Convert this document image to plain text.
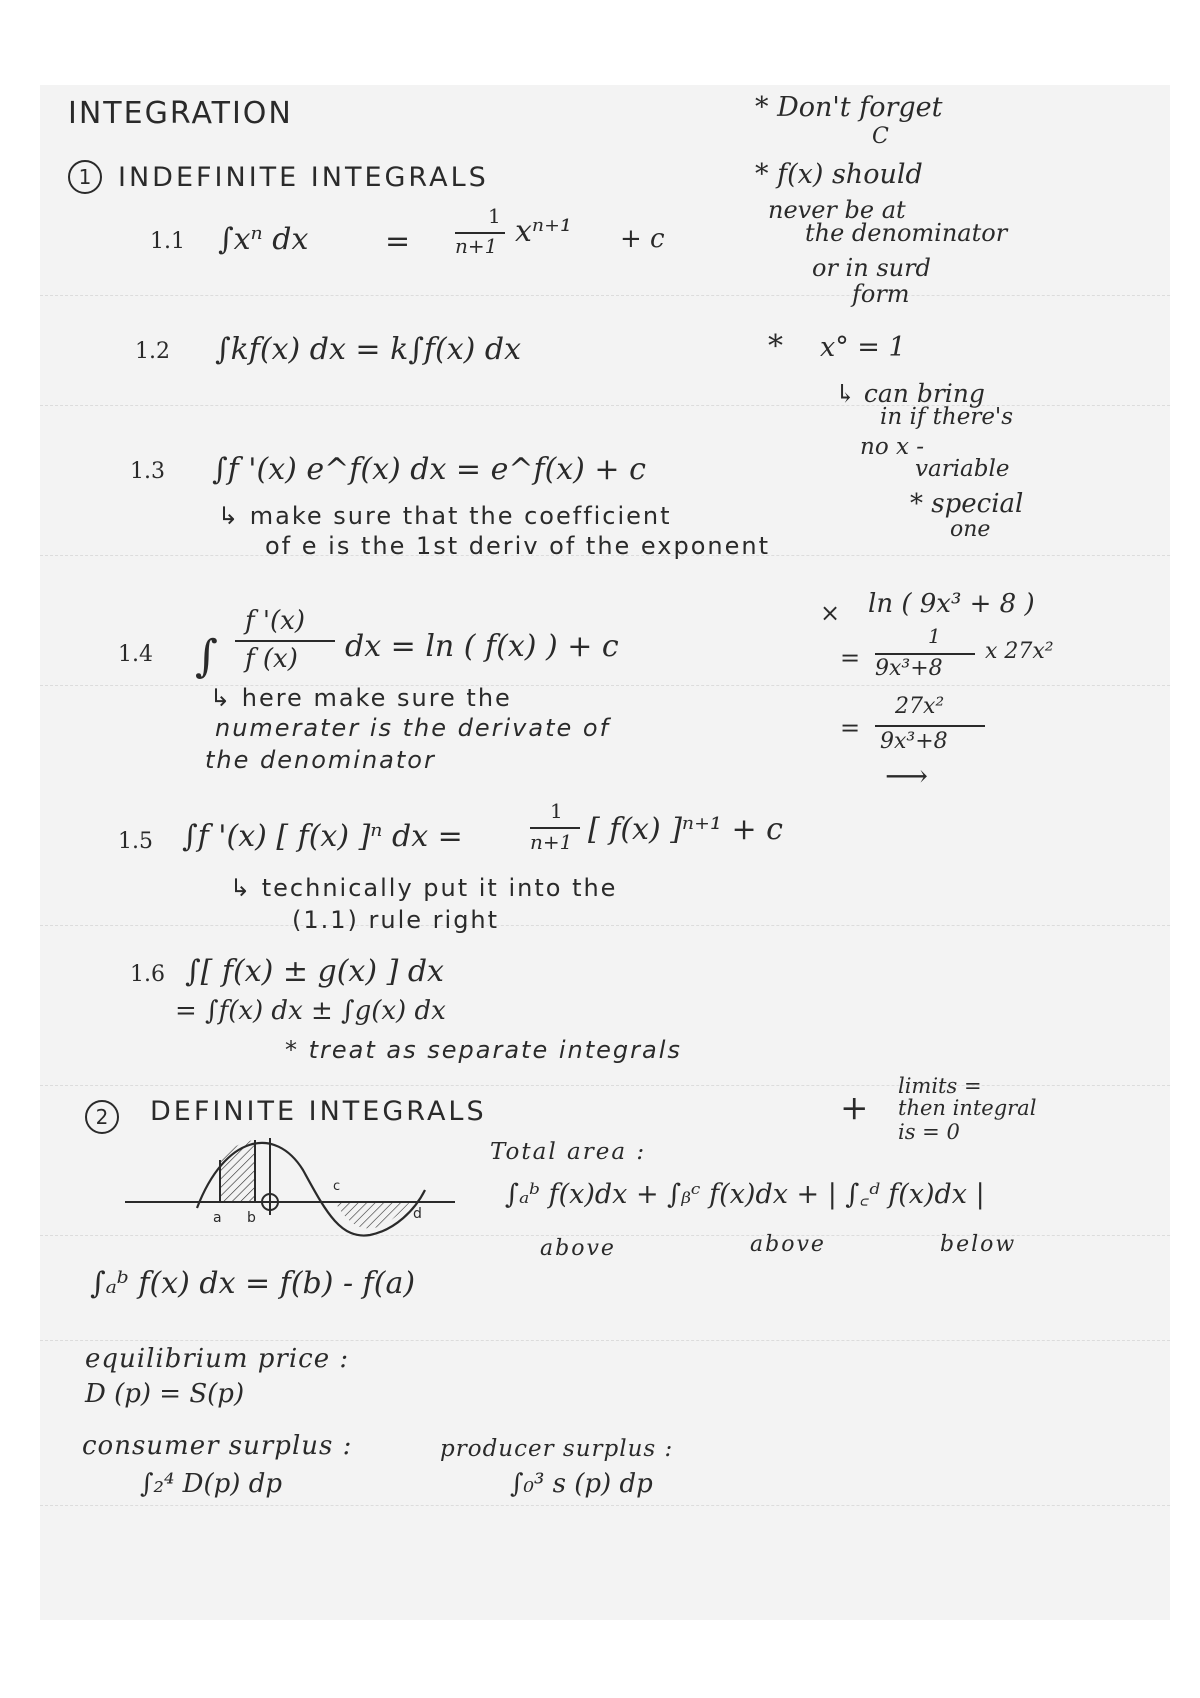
INTEGRATION
1 INDEFINITE INTEGRALS
1.1 ∫xⁿ dx	=
1
n+1 xⁿ⁺¹ + c
1.2 ∫kf(x) dx = k∫f(x) dx
1.3 ∫f '(x) e^f(x) dx = e^f(x) + c
↳ make sure that the coefficient
of e is the 1st deriv of the exponent
1.4 ∫
f '(x)
f (x) dx = ln ( f(x) ) + c
↳ here make sure the
numerater is the derivate of
the denominator
1.5 ∫f '(x) [ f(x) ]ⁿ dx =
1
n+1 [ f(x) ]ⁿ⁺¹ + c
↳ technically put it into the
(1.1) rule right
1.6 ∫[ f(x) ± g(x) ] dx
= ∫f(x) dx ± ∫g(x) dx
* treat as separate integrals
* Don't forget
C
* f(x) should
never be at
the denominator
or in surd
form
* x° = 1
↳ can bring
in if there's
no x -
variable
* special
one
× ln ( 9x³ + 8 )
=
1
9x³+8
x 27x²
=
27x²
9x³+8
⟶
2	DEFINITE INTEGRALS	+
limits =
then integral
is = 0
a b
c
d
Total area :
∫ₐᵇ f(x)dx + ∫ᵦᶜ f(x)dx + | ∫꜀ᵈ f(x)dx |
above	above	below
∫ₐᵇ f(x) dx = f(b) - f(a)
equilibrium price :
D (p) = S(p)
consumer surplus :
∫₂⁴ D(p) dp
producer surplus :
∫₀³ s (p) dp
